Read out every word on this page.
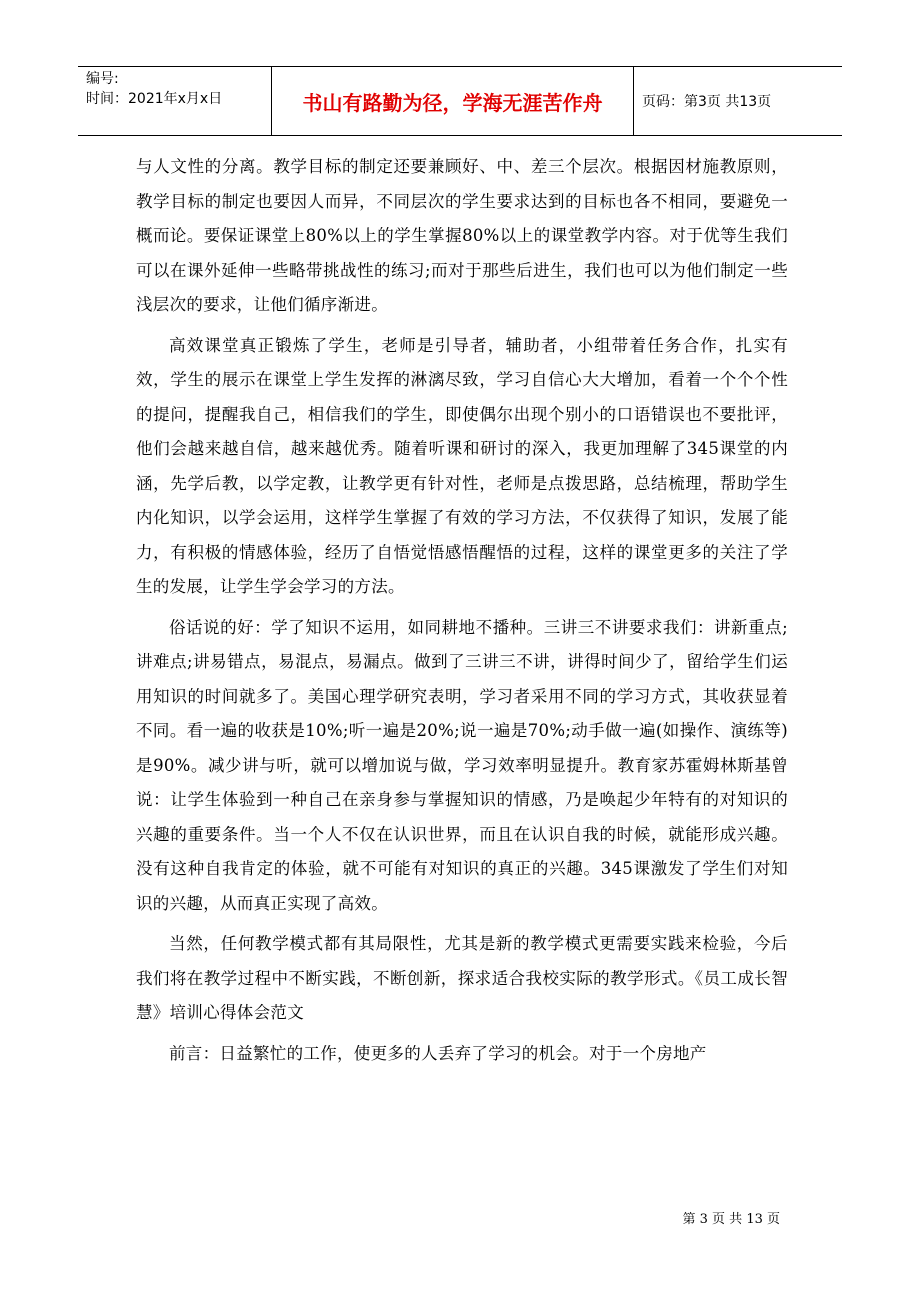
编号:
时间：2021年x月x日	书山有路勤为径，学海无涯苦作舟	页码：第3页 共13页

与人文性的分离。教学目标的制定还要兼顾好、中、差三个层次。根据因材施教原则，教学目标的制定也要因人而异，不同层次的学生要求达到的目标也各不相同，要避免一概而论。要保证课堂上80%以上的学生掌握80%以上的课堂教学内容。对于优等生我们可以在课外延伸一些略带挑战性的练习;而对于那些后进生，我们也可以为他们制定一些浅层次的要求，让他们循序渐进。

高效课堂真正锻炼了学生，老师是引导者，辅助者，小组带着任务合作，扎实有效，学生的展示在课堂上学生发挥的淋漓尽致，学习自信心大大增加，看着一个个个性的提问，提醒我自己，相信我们的学生，即使偶尔出现个别小的口语错误也不要批评，他们会越来越自信，越来越优秀。随着听课和研讨的深入，我更加理解了345课堂的内涵，先学后教，以学定教，让教学更有针对性，老师是点拨思路，总结梳理，帮助学生内化知识，以学会运用，这样学生掌握了有效的学习方法，不仅获得了知识，发展了能力，有积极的情感体验，经历了自悟觉悟感悟醒悟的过程，这样的课堂更多的关注了学生的发展，让学生学会学习的方法。

俗话说的好：学了知识不运用，如同耕地不播种。三讲三不讲要求我们：讲新重点;讲难点;讲易错点，易混点，易漏点。做到了三讲三不讲，讲得时间少了，留给学生们运用知识的时间就多了。美国心理学研究表明，学习者采用不同的学习方式，其收获显着不同。看一遍的收获是10%;听一遍是20%;说一遍是70%;动手做一遍(如操作、演练等)是90%。减少讲与听，就可以增加说与做，学习效率明显提升。教育家苏霍姆林斯基曾说：让学生体验到一种自己在亲身参与掌握知识的情感，乃是唤起少年特有的对知识的兴趣的重要条件。当一个人不仅在认识世界，而且在认识自我的时候，就能形成兴趣。没有这种自我肯定的体验，就不可能有对知识的真正的兴趣。345课激发了学生们对知识的兴趣，从而真正实现了高效。

当然，任何教学模式都有其局限性，尤其是新的教学模式更需要实践来检验，今后我们将在教学过程中不断实践，不断创新，探求适合我校实际的教学形式。《员工成长智慧》培训心得体会范文

前言：日益繁忙的工作，使更多的人丢弃了学习的机会。对于一个房地产

第 3 页 共 13 页
